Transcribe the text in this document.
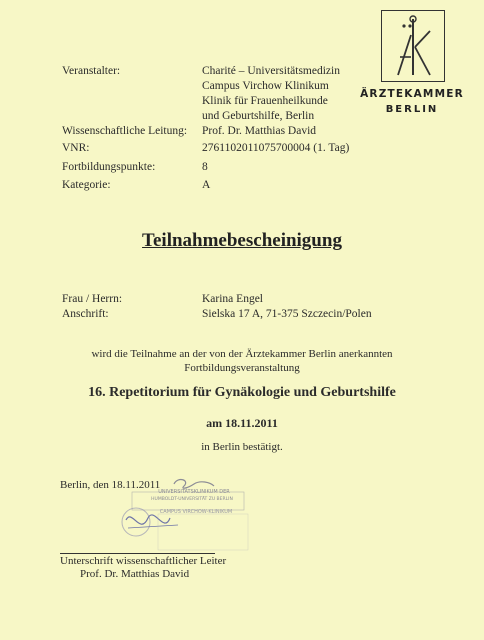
ÄRZTEKAMMER
BERLIN
Veranstalter:	Charité – Universitätsmedizin
Campus Virchow Klinikum
Klinik für Frauenheilkunde
und Geburtshilfe, Berlin
Wissenschaftliche Leitung: Prof. Dr. Matthias David
VNR:	2761102011075700004 (1. Tag)
Fortbildungspunkte:	8
Kategorie:	A
Teilnahmebescheinigung
Frau / Herrn:	Karina Engel
Anschrift:	Sielska 17 A, 71-375 Szczecin/Polen
wird die Teilnahme an der von der Ärztekammer Berlin anerkannten
Fortbildungsveranstaltung
16. Repetitorium für Gynäkologie und Geburtshilfe
am 18.11.2011
in Berlin bestätigt.
Berlin, den 18.11.2011
UNIVERSITÄTSKLINIKUM DER
HUMBOLDT-UNIVERSITÄT ZU BERLIN
CAMPUS VIRCHOW-KLINIKUM
Unterschrift wissenschaftlicher Leiter
Prof. Dr. Matthias David
